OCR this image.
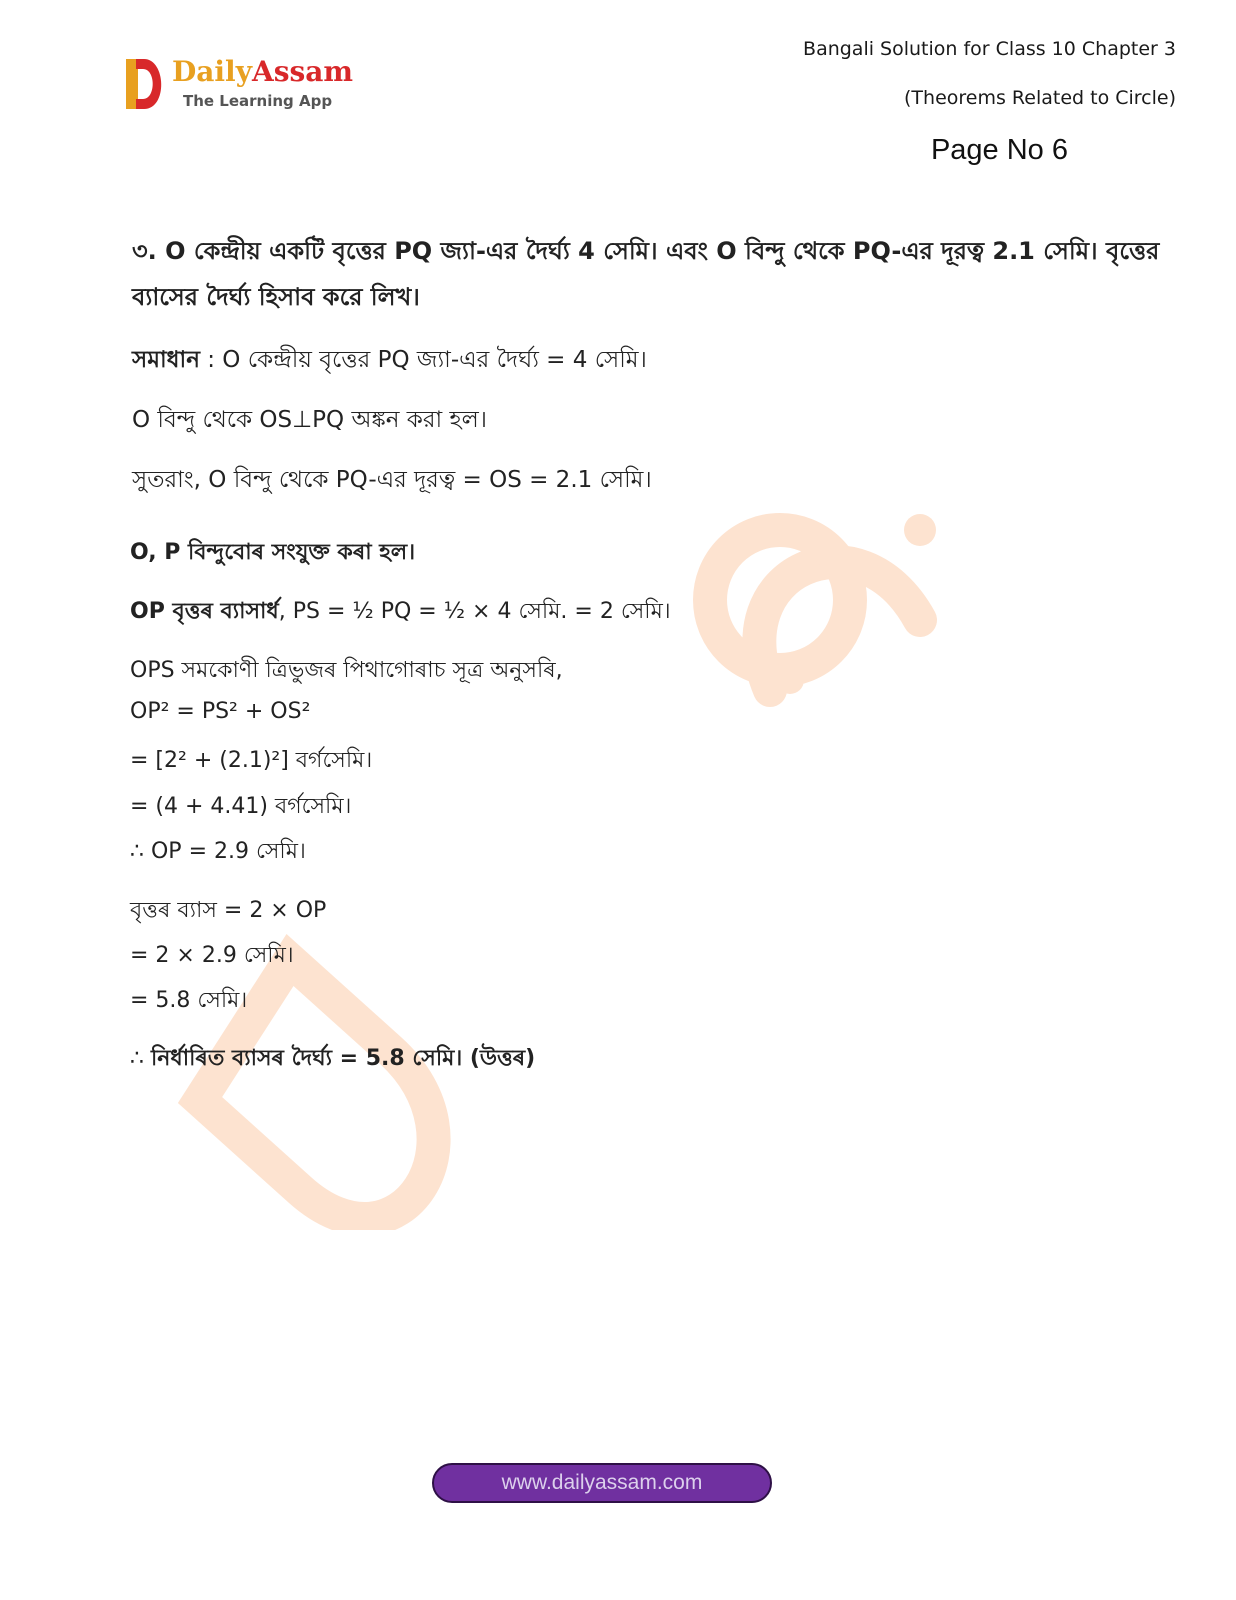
DailyAssam
The Learning App
Bangali Solution for Class 10 Chapter 3
(Theorems Related to Circle)
Page No 6
৩. O কেন্দ্রীয় একটি বৃত্তের PQ জ্যা-এর দৈর্ঘ্য 4 সেমি। এবং O বিন্দু থেকে PQ-এর দূরত্ব 2.1 সেমি। বৃত্তের
ব্যাসের দৈর্ঘ্য হিসাব করে লিখ।
সমাধান : O কেন্দ্রীয় বৃত্তের PQ জ্যা-এর দৈর্ঘ্য = 4 সেমি।
O বিন্দু থেকে OS⊥PQ অঙ্কন করা হল।
সুতরাং, O বিন্দু থেকে PQ-এর দূরত্ব = OS = 2.1 সেমি।
O, P বিন্দুবোৰ সংযুক্ত কৰা হল।
OP বৃত্তৰ ব্যাসাৰ্ধ, PS = ½ PQ = ½ × 4 সেমি. = 2 সেমি।
OPS সমকোণী ত্ৰিভুজৰ পিথাগোৰাচ সূত্ৰ অনুসৰি,
OP² = PS² + OS²
= [2² + (2.1)²] বৰ্গসেমি।
= (4 + 4.41) বৰ্গসেমি।
∴ OP = 2.9 সেমি।
বৃত্তৰ ব্যাস = 2 × OP
= 2 × 2.9 সেমি।
= 5.8 সেমি।
∴ নিৰ্ধাৰিত ব্যাসৰ দৈৰ্ঘ্য = 5.8 সেমি। (উত্তৰ)
www.dailyassam.com
